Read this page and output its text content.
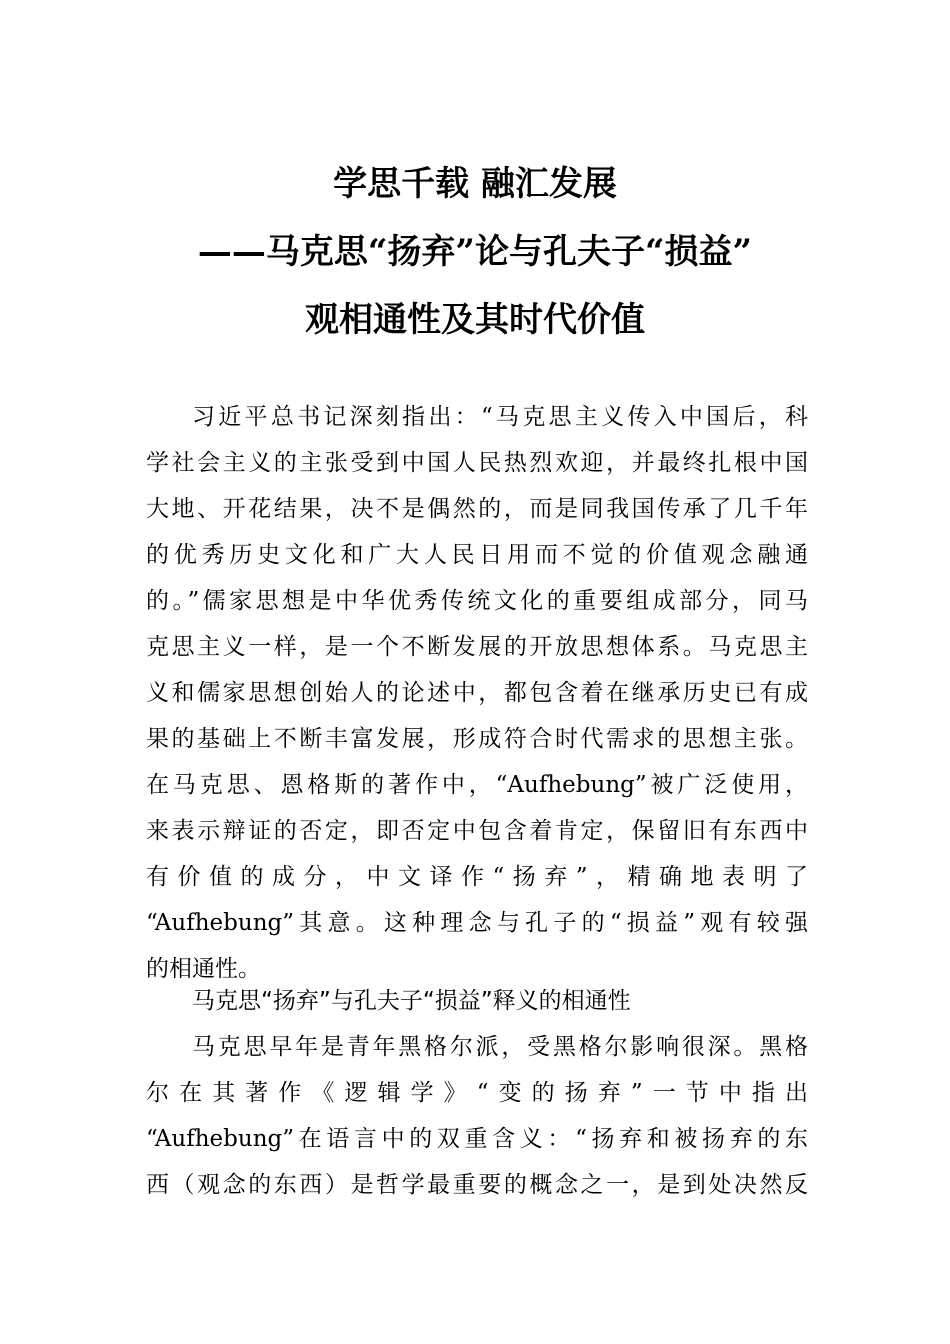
学思千载 融汇发展
——马克思“扬弃”论与孔夫子“损益”
观相通性及其时代价值
习近平总书记深刻指出：“马克思主义传入中国后，科
学社会主义的主张受到中国人民热烈欢迎，并最终扎根中国
大地、开花结果，决不是偶然的，而是同我国传承了几千年
的优秀历史文化和广大人民日用而不觉的价值观念融通
的。”儒家思想是中华优秀传统文化的重要组成部分，同马
克思主义一样，是一个不断发展的开放思想体系。马克思主
义和儒家思想创始人的论述中，都包含着在继承历史已有成
果的基础上不断丰富发展，形成符合时代需求的思想主张。
在马克思、恩格斯的著作中，“Aufhebung”被广泛使用，
来表示辩证的否定，即否定中包含着肯定，保留旧有东西中
有价值的成分，中文译作“扬弃”，精确地表明了
“Aufhebung”其意。这种理念与孔子的“损益”观有较强
的相通性。
马克思“扬弃”与孔夫子“损益”释义的相通性
马克思早年是青年黑格尔派，受黑格尔影响很深。黑格
尔在其著作《逻辑学》“变的扬弃”一节中指出
“Aufhebung”在语言中的双重含义：“扬弃和被扬弃的东
西（观念的东西）是哲学最重要的概念之一，是到处决然反
